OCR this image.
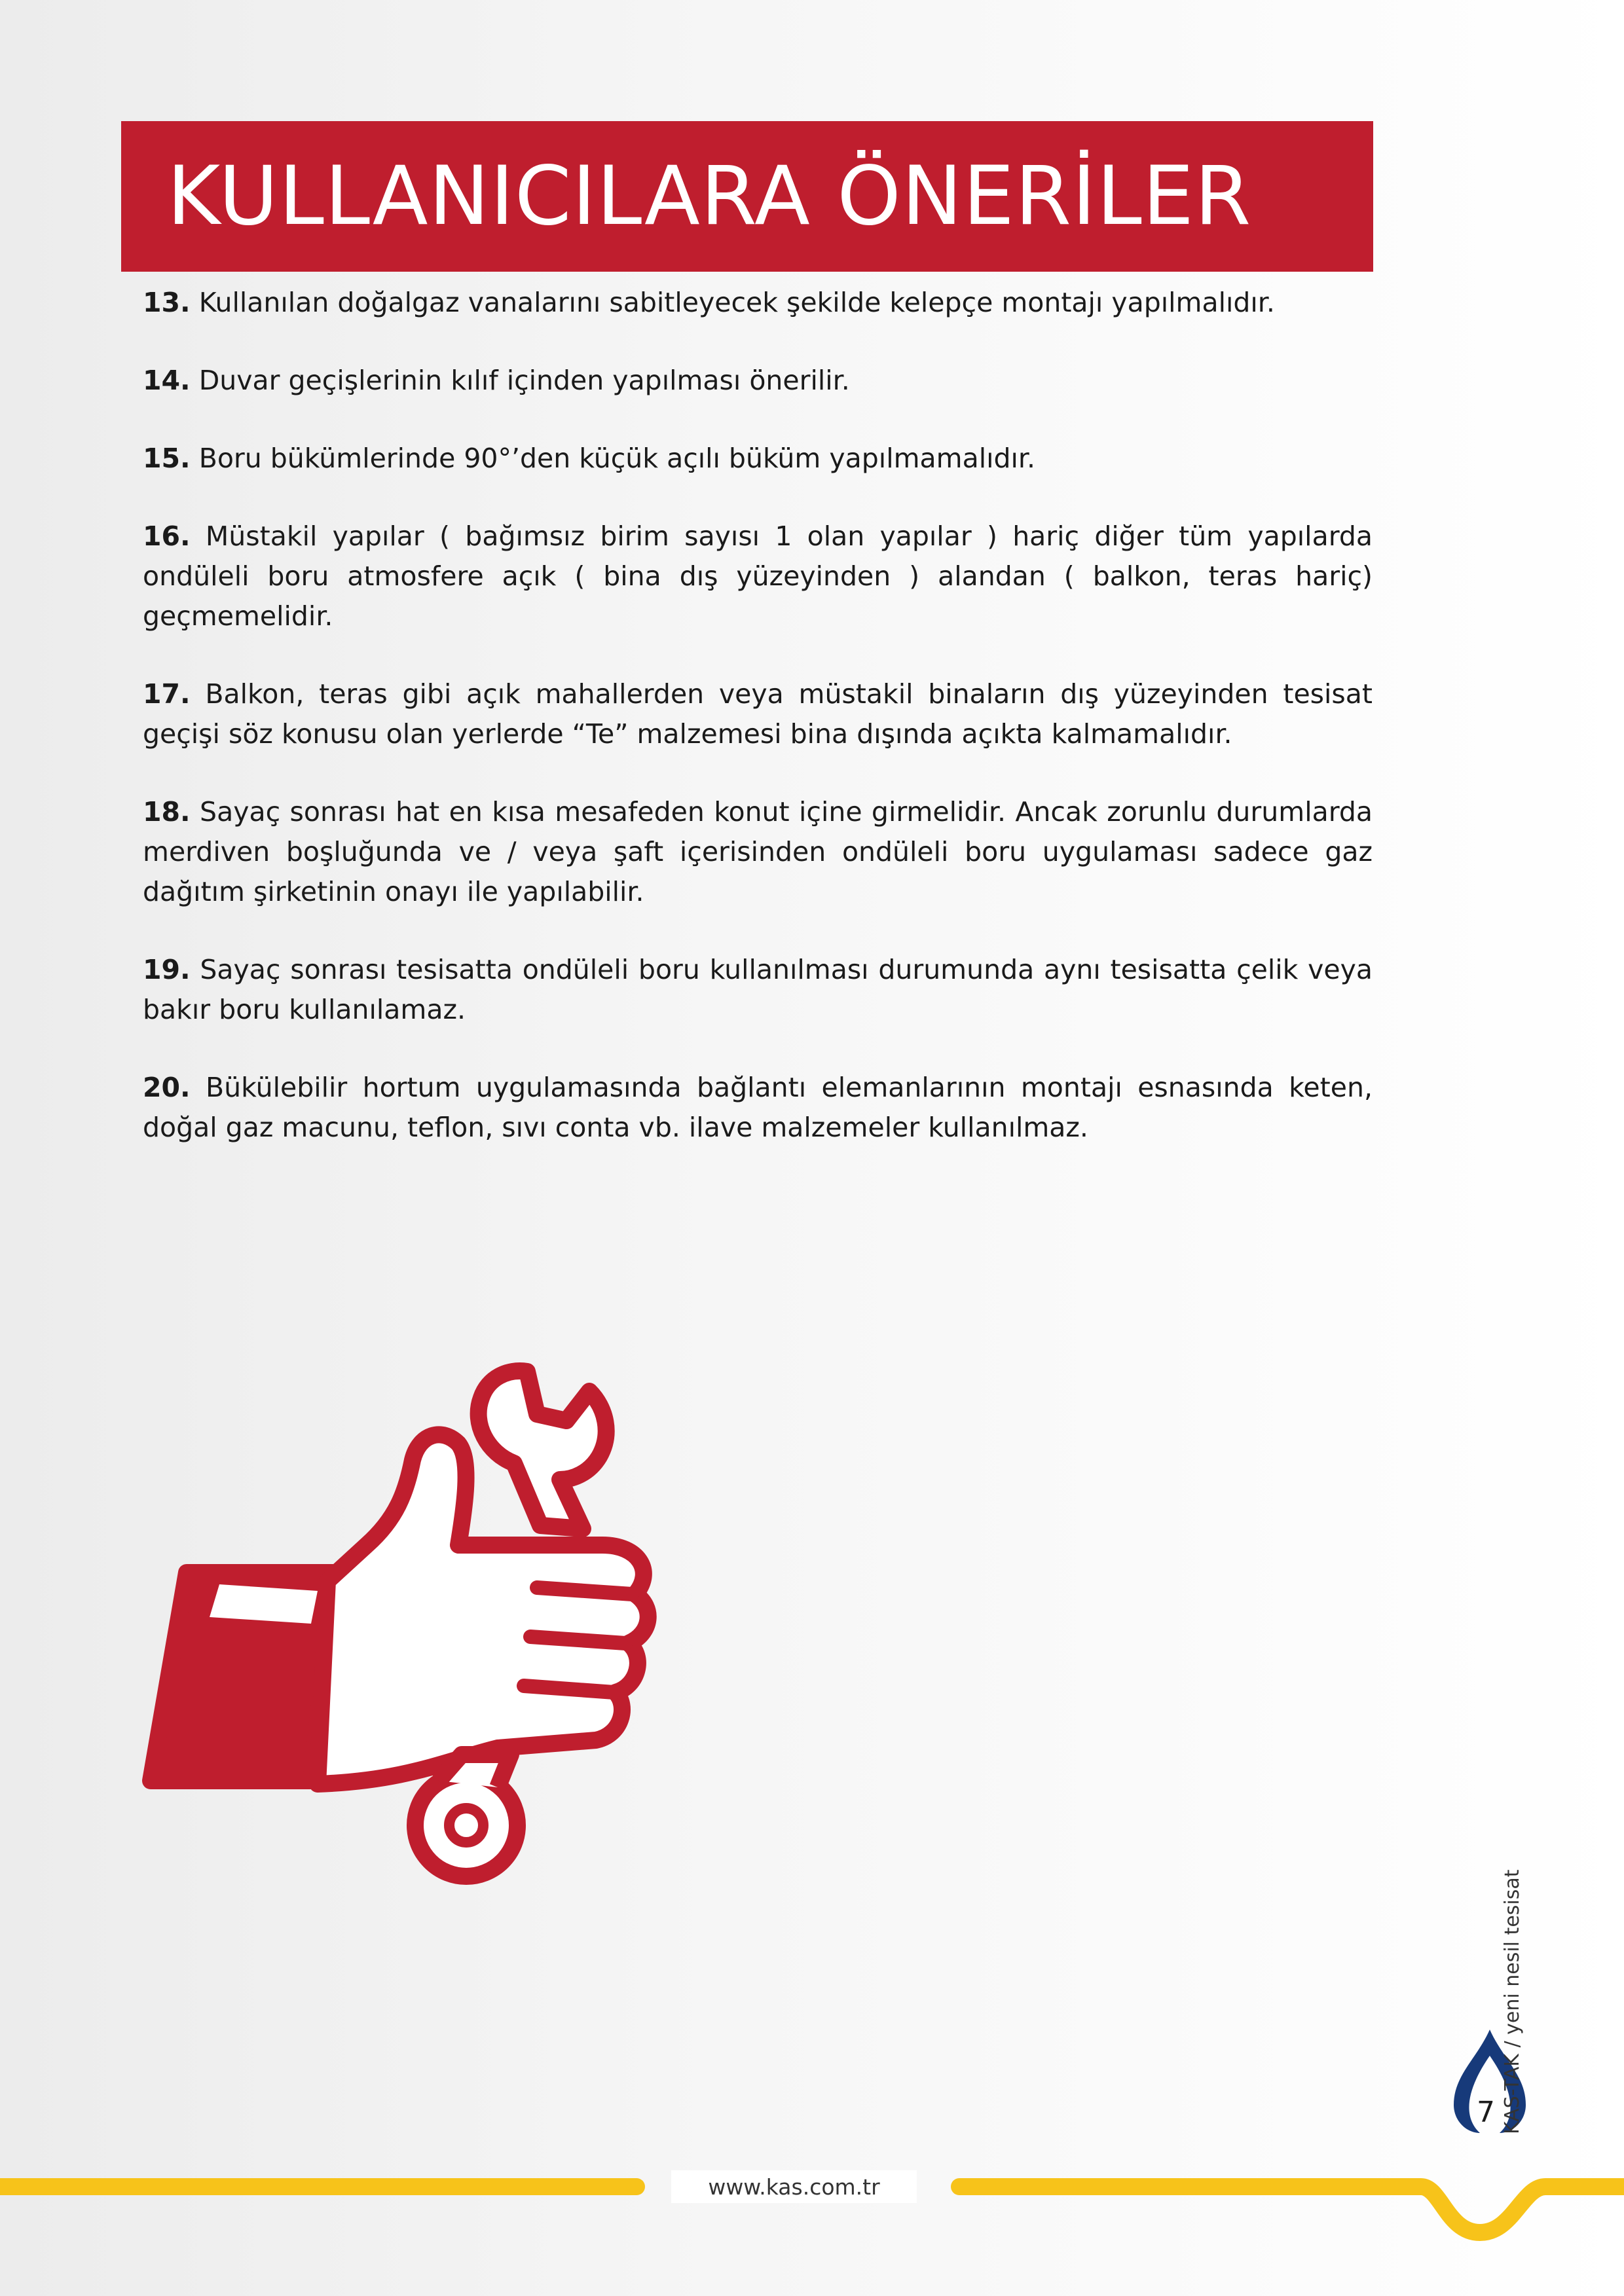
KULLANICILARA ÖNERİLER

13. Kullanılan doğalgaz vanalarını sabitleyecek şekilde kelepçe montajı yapılmalıdır.

14. Duvar geçişlerinin kılıf içinden yapılması önerilir.

15. Boru bükümlerinde 90°’den küçük açılı büküm yapılmamalıdır.

16. Müstakil yapılar ( bağımsız birim sayısı 1 olan yapılar ) hariç diğer tüm yapılarda ondüleli boru atmosfere açık ( bina dış yüzeyinden ) alandan ( balkon, teras hariç) geçmemelidir.

17. Balkon, teras gibi açık mahallerden veya müstakil binaların dış yüzeyinden tesisat geçişi söz konusu olan yerlerde “Te” malzemesi bina dışında açıkta kalmamalıdır.

18. Sayaç sonrası hat en kısa mesafeden konut içine girmelidir. Ancak zorunlu durumlarda merdiven boşluğunda ve / veya şaft içerisinden ondüleli boru uygulaması sadece gaz dağıtım şirketinin onayı ile yapılabilir.

19. Sayaç sonrası tesisatta ondüleli boru kullanılması durumunda aynı tesisatta çelik veya bakır boru kullanılamaz.

20. Bükülebilir hortum uygulamasında bağlantı elemanlarının montajı esnasında keten, doğal gaz macunu, teflon, sıvı conta vb. ilave malzemeler kullanılmaz.

www.kas.com.tr
7 KAS-TAK / yeni nesil tesisat
